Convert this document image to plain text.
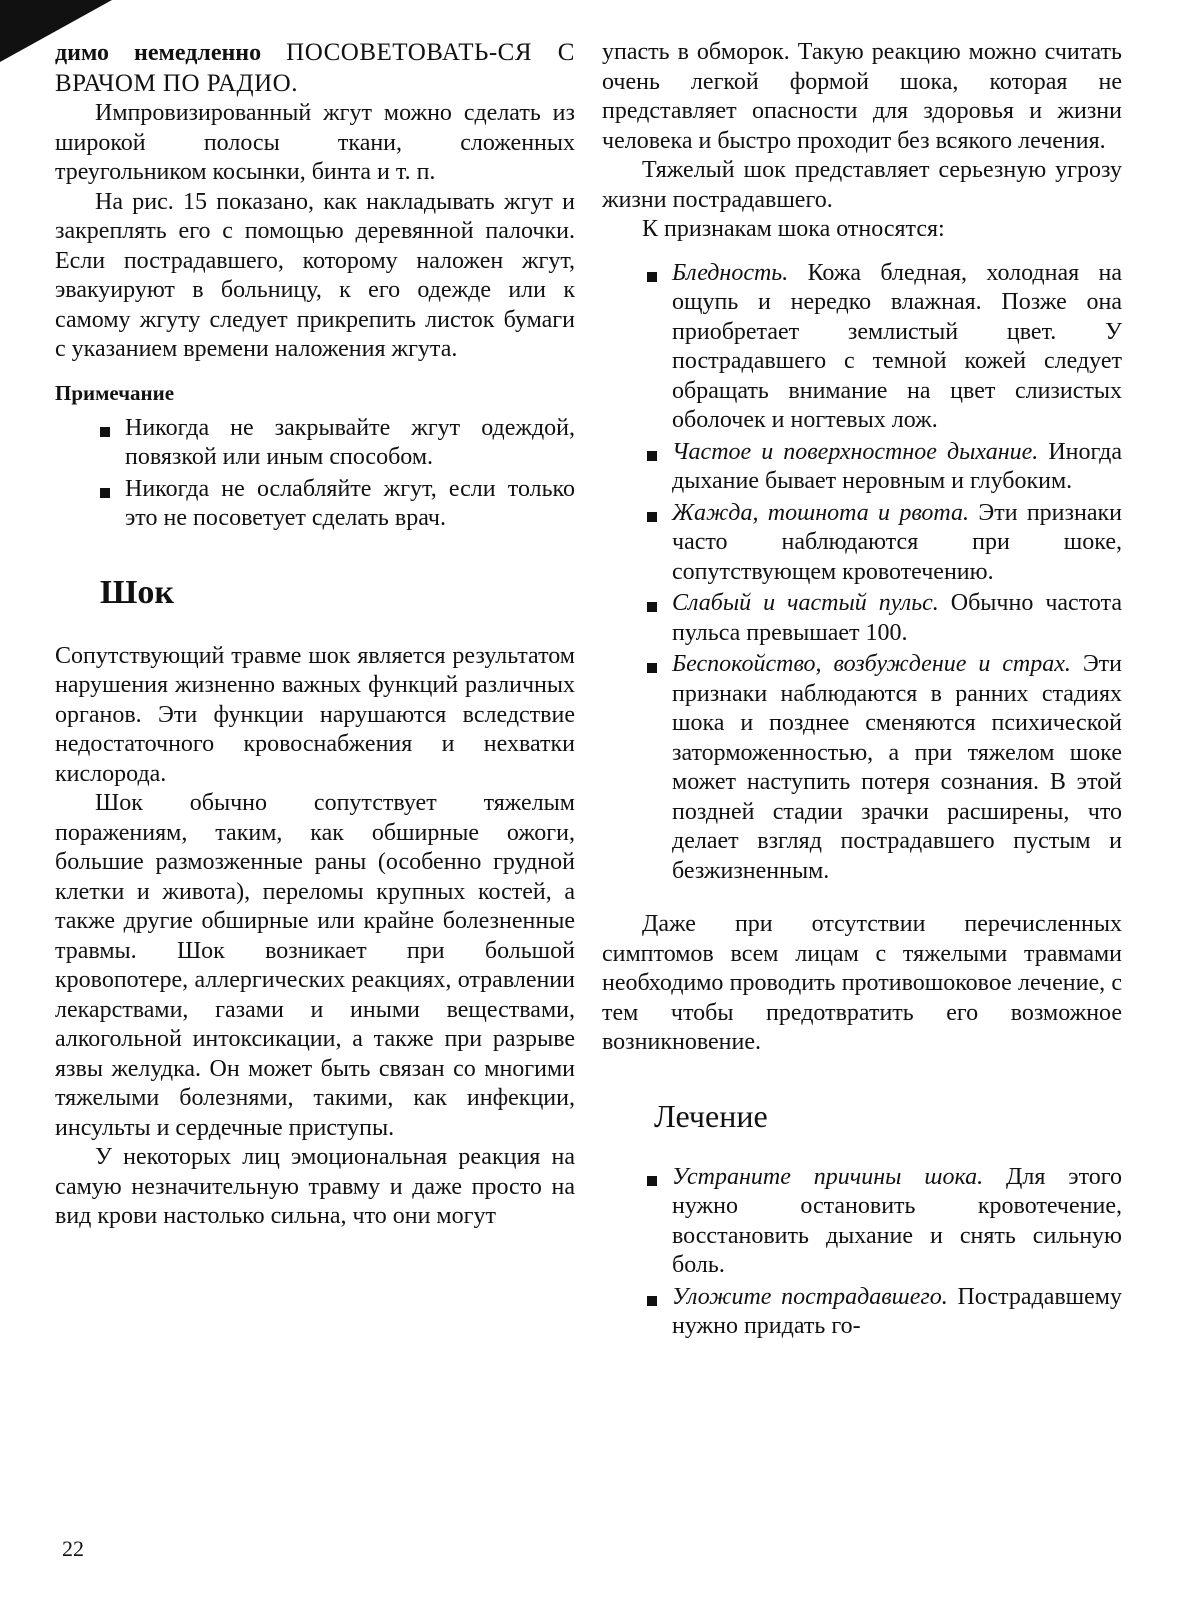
димо немедленно ПОСОВЕТОВАТЬ-СЯ С ВРАЧОМ ПО РАДИО.

Импровизированный жгут можно сделать из широкой полосы ткани, сложенных треугольником косынки, бинта и т. п.

На рис. 15 показано, как накладывать жгут и закреплять его с помощью деревянной палочки. Если пострадавшего, которому наложен жгут, эвакуируют в больницу, к его одежде или к самому жгуту следует прикрепить листок бумаги с указанием времени наложения жгута.

Примечание
Никогда не закрывайте жгут одеждой, повязкой или иным способом.
Никогда не ослабляйте жгут, если только это не посоветует сделать врач.
Шок

Сопутствующий травме шок является результатом нарушения жизненно важных функций различных органов. Эти функции нарушаются вследствие недостаточного кровоснабжения и нехватки кислорода.

Шок обычно сопутствует тяжелым поражениям, таким, как обширные ожоги, большие размозженные раны (особенно грудной клетки и живота), переломы крупных костей, а также другие обширные или крайне болезненные травмы. Шок возникает при большой кровопотере, аллергических реакциях, отравлении лекарствами, газами и иными веществами, алкогольной интоксикации, а также при разрыве язвы желудка. Он может быть связан со многими тяжелыми болезнями, такими, как инфекции, инсульты и сердечные приступы.

У некоторых лиц эмоциональная реакция на самую незначительную травму и даже просто на вид крови настолько сильна, что они могут

упасть в обморок. Такую реакцию можно считать очень легкой формой шока, которая не представляет опасности для здоровья и жизни человека и быстро проходит без всякого лечения.

Тяжелый шок представляет серьезную угрозу жизни пострадавшего.

К признакам шока относятся:

Бледность. Кожа бледная, холодная на ощупь и нередко влажная. Позже она приобретает землистый цвет. У пострадавшего с темной кожей следует обращать внимание на цвет слизистых оболочек и ногтевых лож.
Частое и поверхностное дыхание. Иногда дыхание бывает неровным и глубоким.
Жажда, тошнота и рвота. Эти признаки часто наблюдаются при шоке, сопутствующем кровотечению.
Слабый и частый пульс. Обычно частота пульса превышает 100.
Беспокойство, возбуждение и страх. Эти признаки наблюдаются в ранних стадиях шока и позднее сменяются психической заторможенностью, а при тяжелом шоке может наступить потеря сознания. В этой поздней стадии зрачки расширены, что делает взгляд пострадавшего пустым и безжизненным.

Даже при отсутствии перечисленных симптомов всем лицам с тяжелыми травмами необходимо проводить противошоковое лечение, с тем чтобы предотвратить его возможное возникновение.

Лечение
Устраните причины шока. Для этого нужно остановить кровотечение, восстановить дыхание и снять сильную боль.
Уложите пострадавшего. Пострадавшему нужно придать го-
22
